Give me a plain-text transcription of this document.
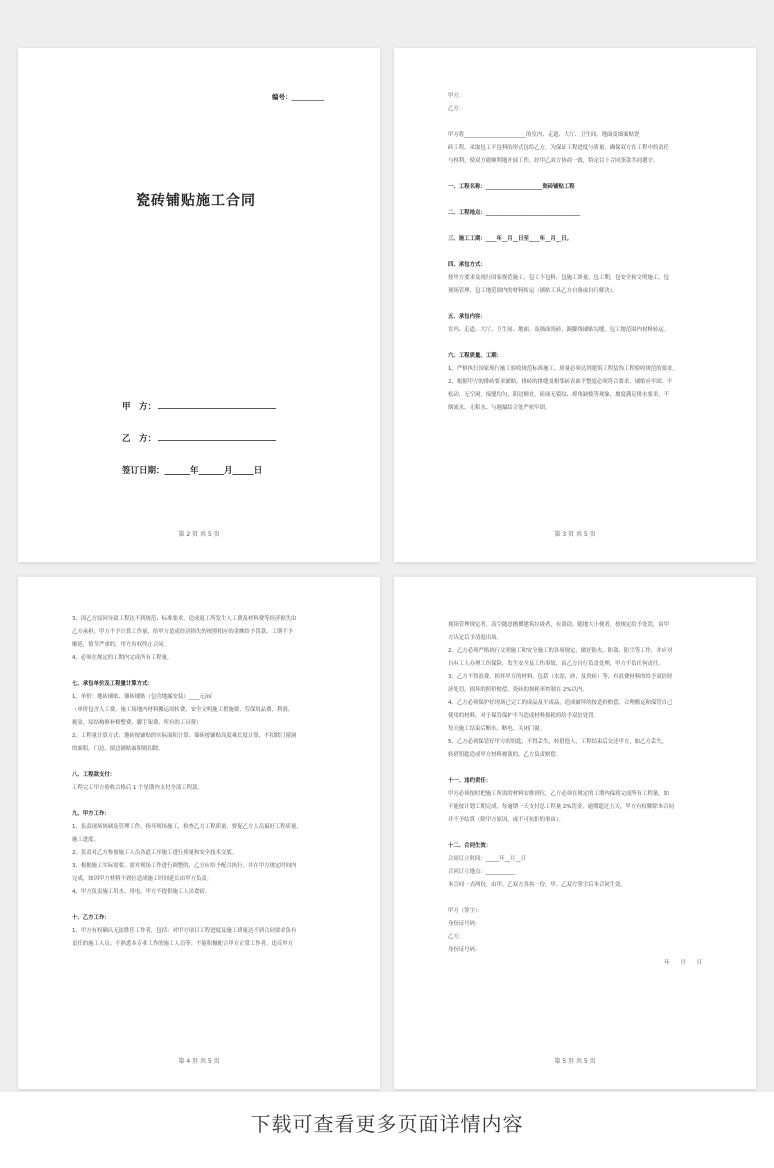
编号：__________
瓷砖铺贴施工合同
甲　方：
乙　方：
签订日期：______年______月_____日
第 2 页 共 5 页

甲方：

乙方：

甲方将_______________________的室内、走道、大厅、卫生间、地面及墙面贴瓷

砖工程，采取包工不包料的形式包给乙方。为保证工程进度与质量，确保双方在工程中的责任

与权利，使双方能顺利地开展工作，经甲乙双方协商一致，特定以下合同条款共同遵守。

一、工程名称：_____________________瓷砖铺贴工程

二、工程地点：___________________________________

三、施工工期：____年__月__日至____年__月__日。

四、承包方式：

按甲方要求及现行国家规范施工，包工不包料，包施工质量，包工期，包安全和文明施工、包

现场管理、包工地范围内的材料转运（铺贴工具乙方自备或自行解决）。

五、承包内容：

室内、走道、大厅、卫生间、地面、及墙面瓷砖、踢脚线铺贴勾缝、包工地范围内材料转运。

六、工程质量、工期：

1、严格执行国家现行施工验收规范标准施工，质量必须达到建筑工程装饰工程验收规范的要求。

2、根据甲方的排砖要求铺贴，排砖的排缝及相邻砖表面平整度必须符合要求，铺贴应牢固、不

松动、无空洞，接缝均匀，阴边顺直，砖面无裂纹、掉角缺棱等现象，坡度满足排水要求，不

倒流水、无积水、与地漏结合处严密牢固。

第 3 页 共 5 页

3、因乙方原因导致工程达不到规范、标准要求，造成返工所发生人工费及材料费等经济损失由

乙方承担；甲方不予计算工作量，给甲方造成经济损失的按照相应的金额给予罚款，工期不予

顺延，情节严重的，甲方有权终止合同。

4、必须在规定的工期内完成所有工程量。

七、承包单价及工程量计算方式：

1、单价：地砖铺贴、墙砖铺贴（包含地漏安装）____元/㎡

（单价包含人工费、施工场地内材料搬运周转费、安全文明施工措施费、劳保用品费、利润、

税金、原结构修补修整费、脚手架费、所有的工具费）

2、工程量计算方式：地砖按铺贴的实际面积计算；墙砖按铺贴高度乘长度计算，不扣除门窗洞

的面积，门边、窗边铺贴面积则扣除。

八、工程款支付：

工程完工甲方验收合格后 1 个星期内支付全部工程款。

九、甲方工作：

1、负责现场协调及管理工作，指导现场施工，检查乙方工程质量，督促乙方人员搞好工程质量、

施工进度。

2、负责对乙方参加施工人员各道工序施工进行质量和安全技术交底。

3、根据施工实际需要，需对现场工作进行调整的，乙方应给予配合执行，并在甲方规定时间内

完成，如因甲方材料不到位造成施工时间延长由甲方负责。

4、甲方负责施工用水、用电，甲方不提供施工人员食宿。

十、乙方工作：

1、甲方有权确认无法胜任工作者，包括：对甲方项目工程进度及施工质量达不到合同要求负有

责任的施工人员；不熟悉本专业工作的施工人员等；不能积极配合甲方正常工作者，违反甲方

第 4 页 共 5 页

现场管理规定者，高空随意抛掷建筑垃圾者，有盗窃、随地大小便者，按规定给予处罚，由甲

方认定后予清退出场。

2、乙方必须严格执行文明施工和安全施工的各项规定，做好防火、防盗、防尘等工作，并应对

自有工人办理工伤保险，发生安全及工伤事故，由乙方自行负责处理，甲方不负任何责任。

3、乙方不得浪费、损坏甲方的材料，包括（水泥、砂、及瓷砖）等，有浪费材料的给予双倍经

济处罚，损坏的照价赔偿，瓷砖的损耗率控制在 2%以内。

4、乙方必须保护好现场已完工的成品及半成品，造成破坏的按造价赔偿，合理搬运和保管自己

使用的材料，对于保管保护不当造成材料损耗的给予双倍处罚。

每天施工结束后断水、断电、关闭门窗。

5、乙方必须保管好甲方的钥匙，不得丢失，转借他人，工程结束后交还甲方，如乙方丢失，

转借钥匙造成甲方材料被盗的，乙方负责赔偿。

十一、违约责任：

甲方必须按时把施工所需的材料安排到位，乙方必须在规定的工期内保质完成所有工程量，如

不能按计划工期完成，每逾期一天支付总工程量 2%罚金，逾期超过五天，甲方有权解除本合同

并不予结算（除甲方原因，或不可抗拒的事由）。

十二、合同生效：

合同订立时间：_____年__月__日

合同订立地点：___________

本合同一式两份，由甲、乙双方各执一份，甲、乙双方签字后本合同生效。

甲方（签字）：

身份证号码：

乙方：

身份证号码：

年　　月　　日

第 5 页 共 5 页
下载可查看更多页面详情内容
